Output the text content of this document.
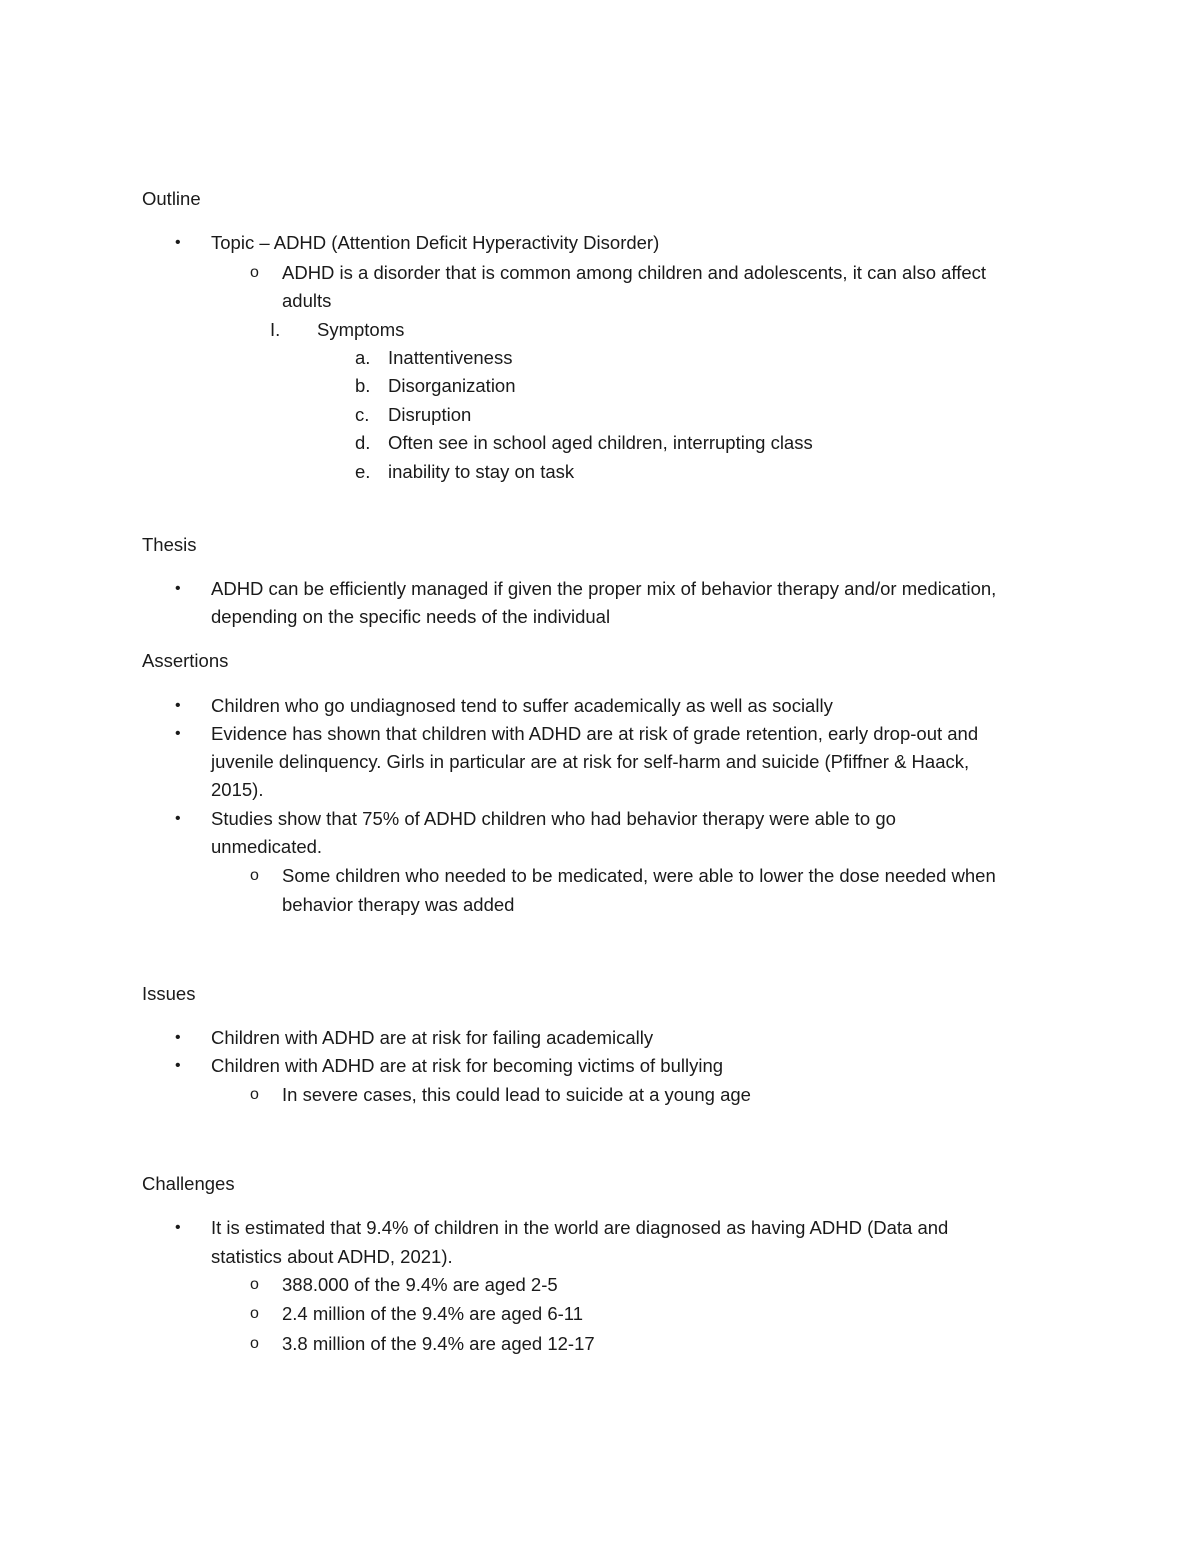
Outline
• Topic – ADHD (Attention Deficit Hyperactivity Disorder)
o ADHD is a disorder that is common among children and adolescents, it can also affect
adults
I. Symptoms
a. Inattentiveness
b. Disorganization
c. Disruption
d. Often see in school aged children, interrupting class
e. inability to stay on task
Thesis
• ADHD can be efficiently managed if given the proper mix of behavior therapy and/or medication,
depending on the specific needs of the individual
Assertions
• Children who go undiagnosed tend to suffer academically as well as socially
• Evidence has shown that children with ADHD are at risk of grade retention, early drop-out and
juvenile delinquency. Girls in particular are at risk for self-harm and suicide (Pfiffner & Haack,
2015).
• Studies show that 75% of ADHD children who had behavior therapy were able to go
unmedicated.
o Some children who needed to be medicated, were able to lower the dose needed when
behavior therapy was added
Issues
• Children with ADHD are at risk for failing academically
• Children with ADHD are at risk for becoming victims of bullying
o In severe cases, this could lead to suicide at a young age
Challenges
• It is estimated that 9.4% of children in the world are diagnosed as having ADHD (Data and
statistics about ADHD, 2021).
o 388.000 of the 9.4% are aged 2-5
o 2.4 million of the 9.4% are aged 6-11
o 3.8 million of the 9.4% are aged 12-17
